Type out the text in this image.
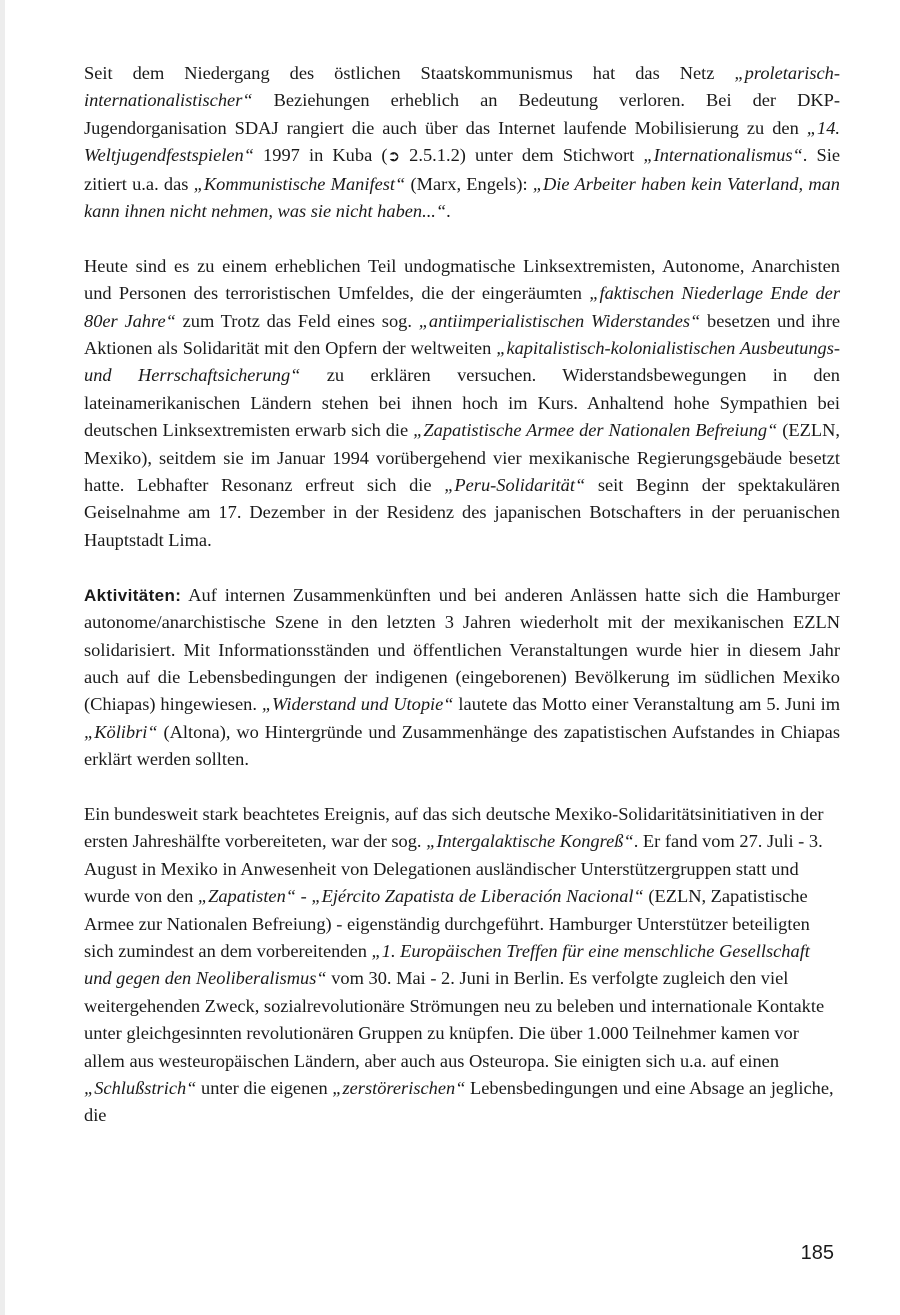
Seit dem Niedergang des östlichen Staatskommunismus hat das Netz „proletarisch-internationalistischer“ Beziehungen erheblich an Bedeutung verloren. Bei der DKP-Jugendorganisation SDAJ rangiert die auch über das Internet laufende Mobilisierung zu den „14. Weltjugendfestspielen“ 1997 in Kuba (➲ 2.5.1.2) unter dem Stichwort „Internationalismus“. Sie zitiert u.a. das „Kommunistische Manifest“ (Marx, Engels): „Die Arbeiter haben kein Vaterland, man kann ihnen nicht nehmen, was sie nicht haben...“.

Heute sind es zu einem erheblichen Teil undogmatische Linksextremisten, Autonome, Anarchisten und Personen des terroristischen Umfeldes, die der eingeräumten „faktischen Niederlage Ende der 80er Jahre“ zum Trotz das Feld eines sog. „antiimperialistischen Widerstandes“ besetzen und ihre Aktionen als Solidarität mit den Opfern der weltweiten „kapitalistisch-kolonialistischen Ausbeutungs- und Herrschaftsicherung“ zu erklären versuchen. Widerstandsbewegungen in den lateinamerikanischen Ländern stehen bei ihnen hoch im Kurs. Anhaltend hohe Sympathien bei deutschen Linksextremisten erwarb sich die „Zapatistische Armee der Nationalen Befreiung“ (EZLN, Mexiko), seitdem sie im Januar 1994 vorübergehend vier mexikanische Regierungsgebäude besetzt hatte. Lebhafter Resonanz erfreut sich die „Peru-Solidarität“ seit Beginn der spektakulären Geiselnahme am 17. Dezember in der Residenz des japanischen Botschafters in der peruanischen Hauptstadt Lima.

Aktivitäten: Auf internen Zusammenkünften und bei anderen Anlässen hatte sich die Hamburger autonome/anarchistische Szene in den letzten 3 Jahren wiederholt mit der mexikanischen EZLN solidarisiert. Mit Informationsständen und öffentlichen Veranstaltungen wurde hier in diesem Jahr auch auf die Lebensbedingungen der indigenen (eingeborenen) Bevölkerung im südlichen Mexiko (Chiapas) hingewiesen. „Widerstand und Utopie“ lautete das Motto einer Veranstaltung am 5. Juni im „Kölibri“ (Altona), wo Hintergründe und Zusammenhänge des zapatistischen Aufstandes in Chiapas erklärt werden sollten.

Ein bundesweit stark beachtetes Ereignis, auf das sich deutsche Mexiko-Solidaritätsinitiativen in der ersten Jahreshälfte vorbereiteten, war der sog. „Intergalaktische Kongreß“. Er fand vom 27. Juli - 3. August in Mexiko in Anwesenheit von Delegationen ausländischer Unterstützergruppen statt und wurde von den „Zapatisten“ - „Ejército Zapatista de Liberación Nacional“ (EZLN, Zapatistische Armee zur Nationalen Befreiung) - eigenständig durchgeführt. Hamburger Unterstützer beteiligten sich zumindest an dem vorbereitenden „1. Europäischen Treffen für eine menschliche Gesellschaft und gegen den Neoliberalismus“ vom 30. Mai - 2. Juni in Berlin. Es verfolgte zugleich den viel weitergehenden Zweck, sozialrevolutionäre Strömungen neu zu beleben und internationale Kontakte unter gleichgesinnten revolutionären Gruppen zu knüpfen. Die über 1.000 Teilnehmer kamen vor allem aus westeuropäischen Ländern, aber auch aus Osteuropa. Sie einigten sich u.a. auf einen „Schlußstrich“ unter die eigenen „zerstörerischen“ Lebensbedingungen und eine Absage an jegliche, die

185
